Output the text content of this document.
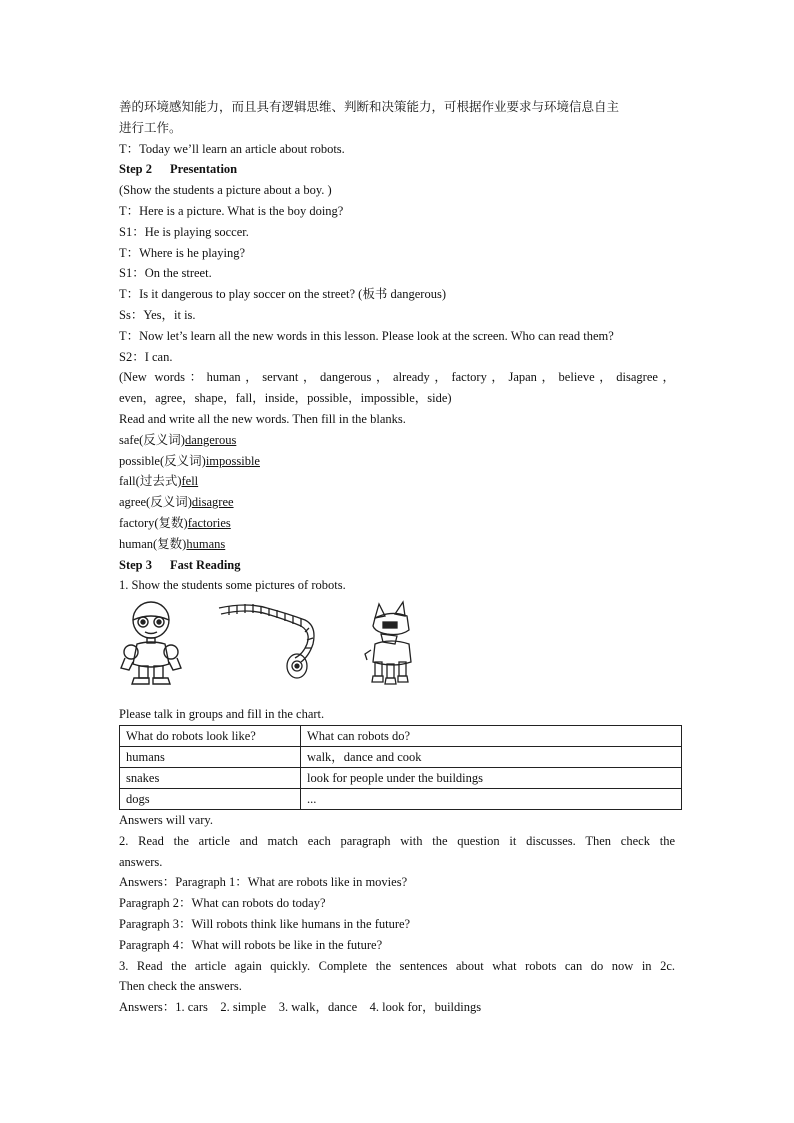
善的环境感知能力，而且具有逻辑思维、判断和决策能力，可根据作业要求与环境信息自主
进行工作。
T：Today we’ll learn an article about robots.
Step 2 Presentation
(Show the students a picture about a boy. )
T：Here is a picture. What is the boy doing?
S1：He is playing soccer.
T：Where is he playing?
S1：On the street.
T：Is it dangerous to play soccer on the street? (板书 dangerous)
Ss：Yes，it is.
T：Now let’s learn all the new words in this lesson. Please look at the screen. Who can read them?
S2：I can.
(New words：human，servant，dangerous，already，factory，Japan，believe，disagree，
even，agree，shape，fall，inside，possible，impossible，side)
Read and write all the new words. Then fill in the blanks.
safe(反义词)dangerous
possible(反义词)impossible
fall(过去式)fell
agree(反义词)disagree
factory(复数)factories
human(复数)humans
Step 3 Fast Reading
1. Show the students some pictures of robots.
Please talk in groups and fill in the chart.
What do robots look like?	What can robots do?
humans	walk，dance and cook
snakes	look for people under the buildings
dogs	...
Answers will vary.
2. Read the article and match each paragraph with the question it discusses. Then check the
answers.
Answers：Paragraph 1：What are robots like in movies?
Paragraph 2：What can robots do today?
Paragraph 3：Will robots think like humans in the future?
Paragraph 4：What will robots be like in the future?
3. Read the article again quickly. Complete the sentences about what robots can do now in 2c.
Then check the answers.
Answers：1. cars    2. simple    3. walk，dance    4. look for，buildings
